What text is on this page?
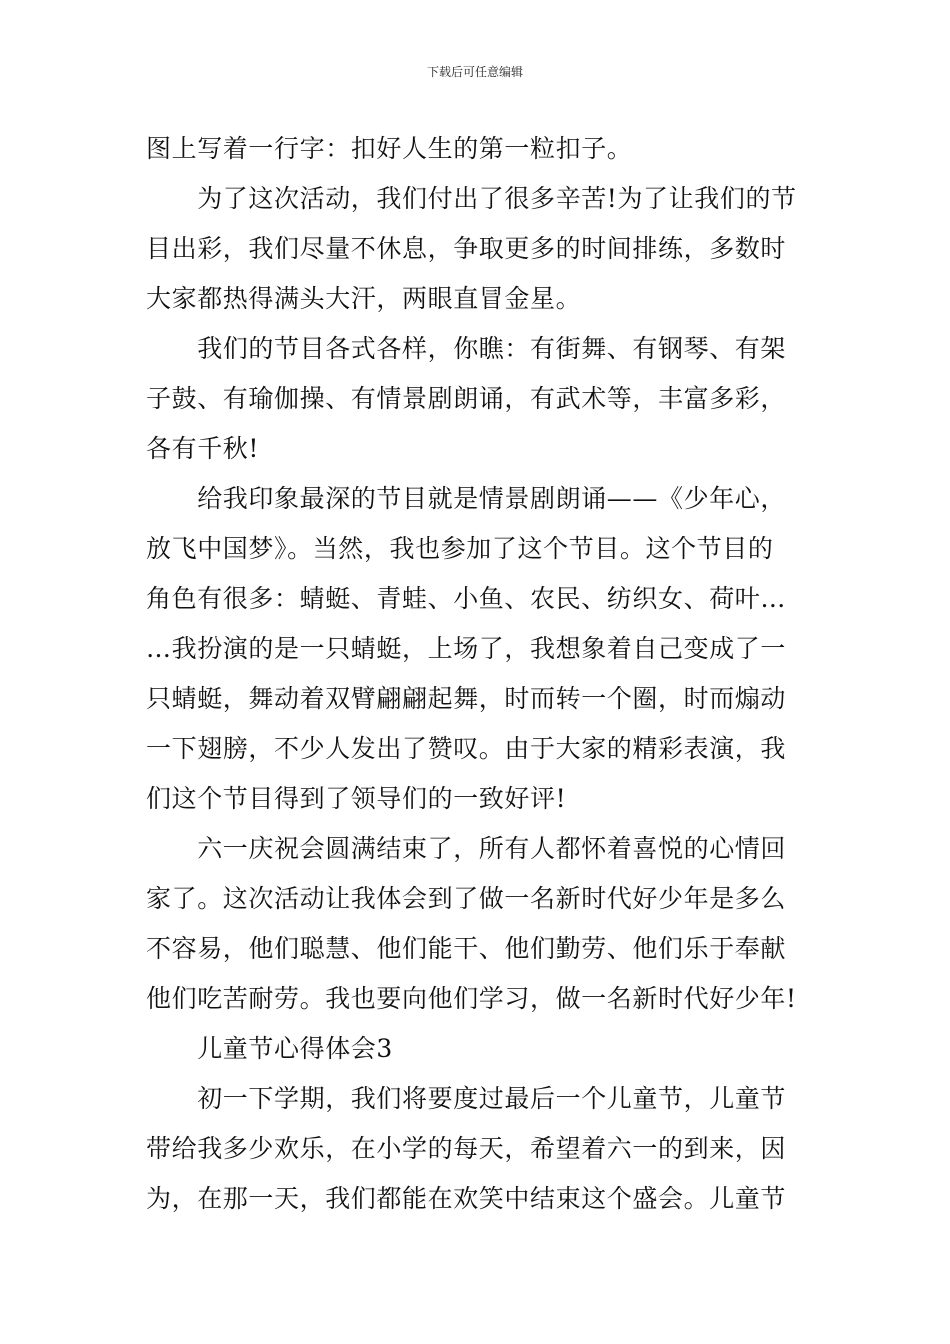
下载后可任意编辑
图上写着一行字：扣好人生的第一粒扣子。
　　为了这次活动，我们付出了很多辛苦!为了让我们的节
目出彩，我们尽量不休息，争取更多的时间排练，多数时
大家都热得满头大汗，两眼直冒金星。
　　我们的节目各式各样，你瞧：有街舞、有钢琴、有架
子鼓、有瑜伽操、有情景剧朗诵，有武术等，丰富多彩，
各有千秋!
　　给我印象最深的节目就是情景剧朗诵——《少年心，
放飞中国梦》。当然，我也参加了这个节目。这个节目的
角色有很多：蜻蜓、青蛙、小鱼、农民、纺织女、荷叶…
…我扮演的是一只蜻蜓，上场了，我想象着自己变成了一
只蜻蜓，舞动着双臂翩翩起舞，时而转一个圈，时而煽动
一下翅膀，不少人发出了赞叹。由于大家的精彩表演，我
们这个节目得到了领导们的一致好评!
　　六一庆祝会圆满结束了，所有人都怀着喜悦的心情回
家了。这次活动让我体会到了做一名新时代好少年是多么
不容易，他们聪慧、他们能干、他们勤劳、他们乐于奉献
他们吃苦耐劳。我也要向他们学习，做一名新时代好少年!
　　儿童节心得体会3
　　初一下学期，我们将要度过最后一个儿童节，儿童节
带给我多少欢乐，在小学的每天，希望着六一的到来，因
为，在那一天，我们都能在欢笑中结束这个盛会。儿童节
